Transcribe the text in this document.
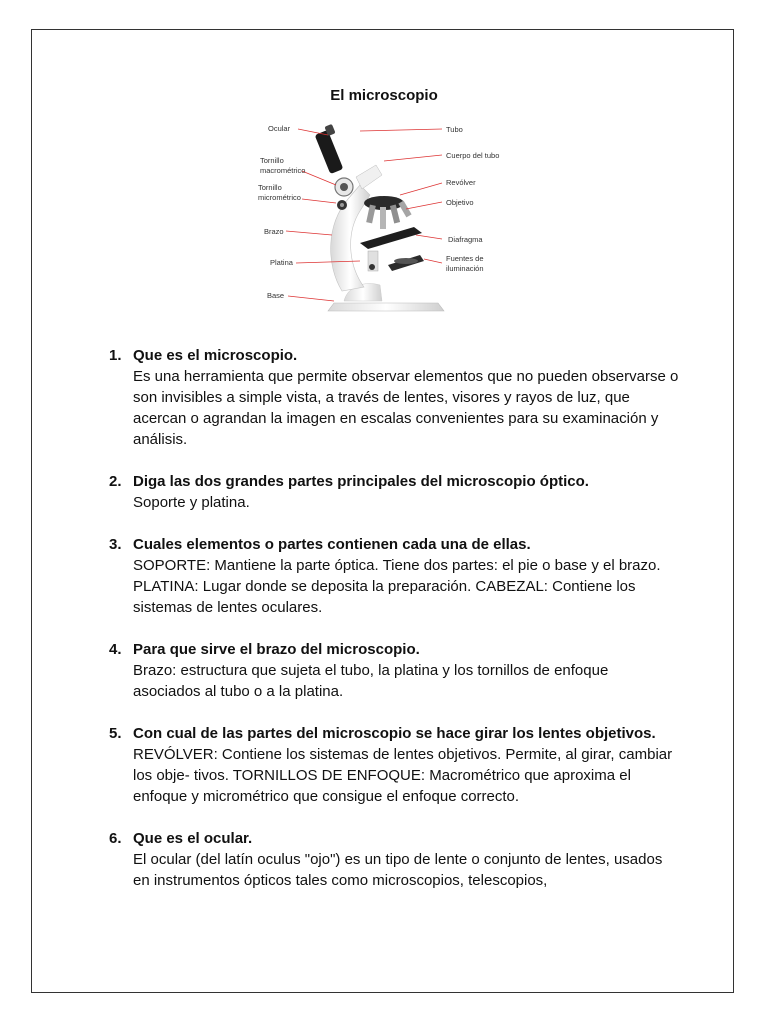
El microscopio
Ocular
Tornillo
macrométrico
Tornillo
micrométrico
Brazo
Platina
Base
Tubo
Cuerpo del tubo
Revólver
Objetivo
Diafragma
Fuentes de
iluminación
1. Que es el microscopio.
Es una herramienta que permite observar elementos que no pueden observarse o son invisibles a simple vista, a través de lentes, visores y rayos de luz, que acercan o agrandan la imagen en escalas convenientes para su examinación y análisis.
2. Diga las dos grandes partes principales del microscopio óptico.
Soporte y platina.
3. Cuales elementos o partes contienen cada una de ellas.
SOPORTE: Mantiene la parte óptica. Tiene dos partes: el pie o base y el brazo.
PLATINA: Lugar donde se deposita la preparación. CABEZAL: Contiene los sistemas de lentes oculares.
4. Para que sirve el brazo del microscopio.
Brazo: estructura que sujeta el tubo, la platina y los tornillos de enfoque asociados al tubo o a la platina.
5. Con cual de las partes del microscopio se hace girar los lentes objetivos.
REVÓLVER: Contiene los sistemas de lentes objetivos. Permite, al girar, cambiar los obje- tivos. TORNILLOS DE ENFOQUE: Macrométrico que aproxima el enfoque y micrométrico que consigue el enfoque correcto.
6. Que es el ocular.
El ocular (del latín oculus "ojo") es un tipo de lente o conjunto de lentes, usados en instrumentos ópticos tales como microscopios, telescopios,
